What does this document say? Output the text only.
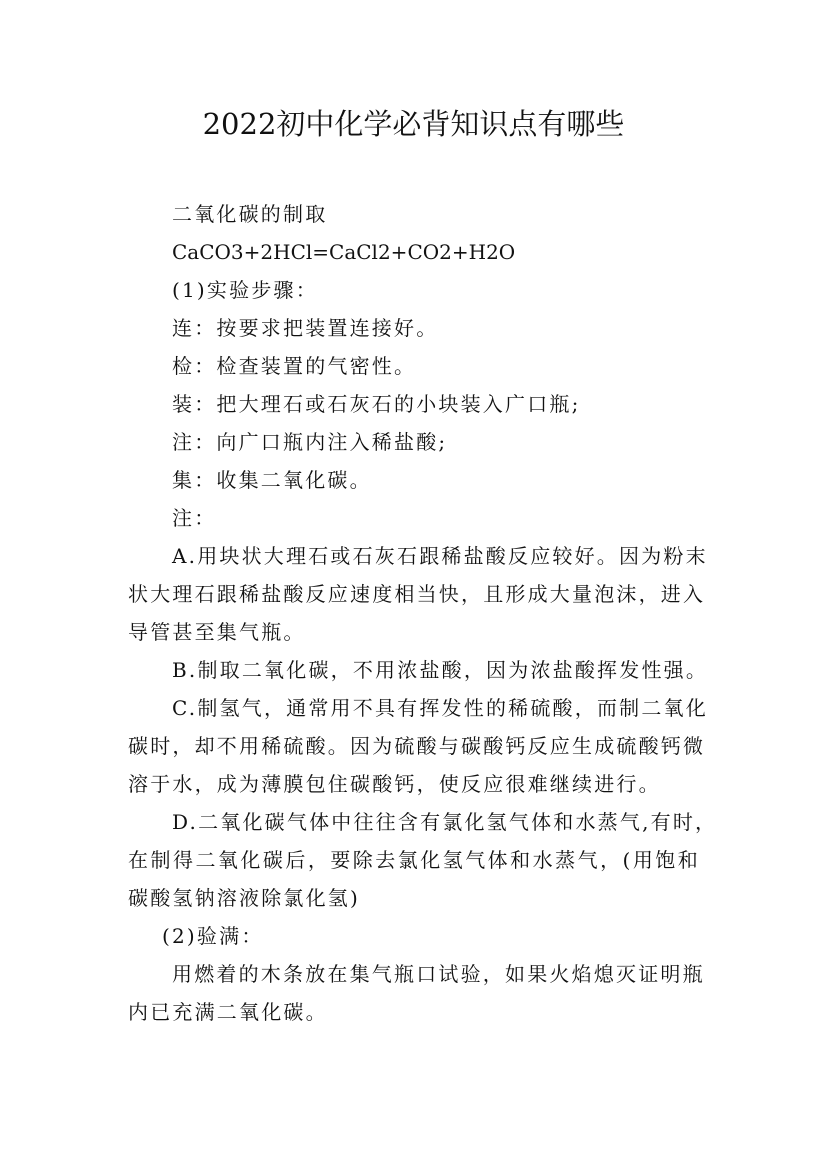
2022初中化学必背知识点有哪些
二氧化碳的制取
CaCO3+2HCl=CaCl2+CO2+H2O
(1)实验步骤：
连：按要求把装置连接好。
检：检查装置的气密性。
装：把大理石或石灰石的小块装入广口瓶;
注：向广口瓶内注入稀盐酸;
集：收集二氧化碳。
注：
A.用块状大理石或石灰石跟稀盐酸反应较好。因为粉末
状大理石跟稀盐酸反应速度相当快，且形成大量泡沫，进入
导管甚至集气瓶。
B.制取二氧化碳，不用浓盐酸，因为浓盐酸挥发性强。
C.制氢气，通常用不具有挥发性的稀硫酸，而制二氧化
碳时，却不用稀硫酸。因为硫酸与碳酸钙反应生成硫酸钙微
溶于水，成为薄膜包住碳酸钙，使反应很难继续进行。
D.二氧化碳气体中往往含有氯化氢气体和水蒸气,有时，
在制得二氧化碳后，要除去氯化氢气体和水蒸气，(用饱和
碳酸氢钠溶液除氯化氢)
(2)验满：
用燃着的木条放在集气瓶口试验，如果火焰熄灭证明瓶
内已充满二氧化碳。
